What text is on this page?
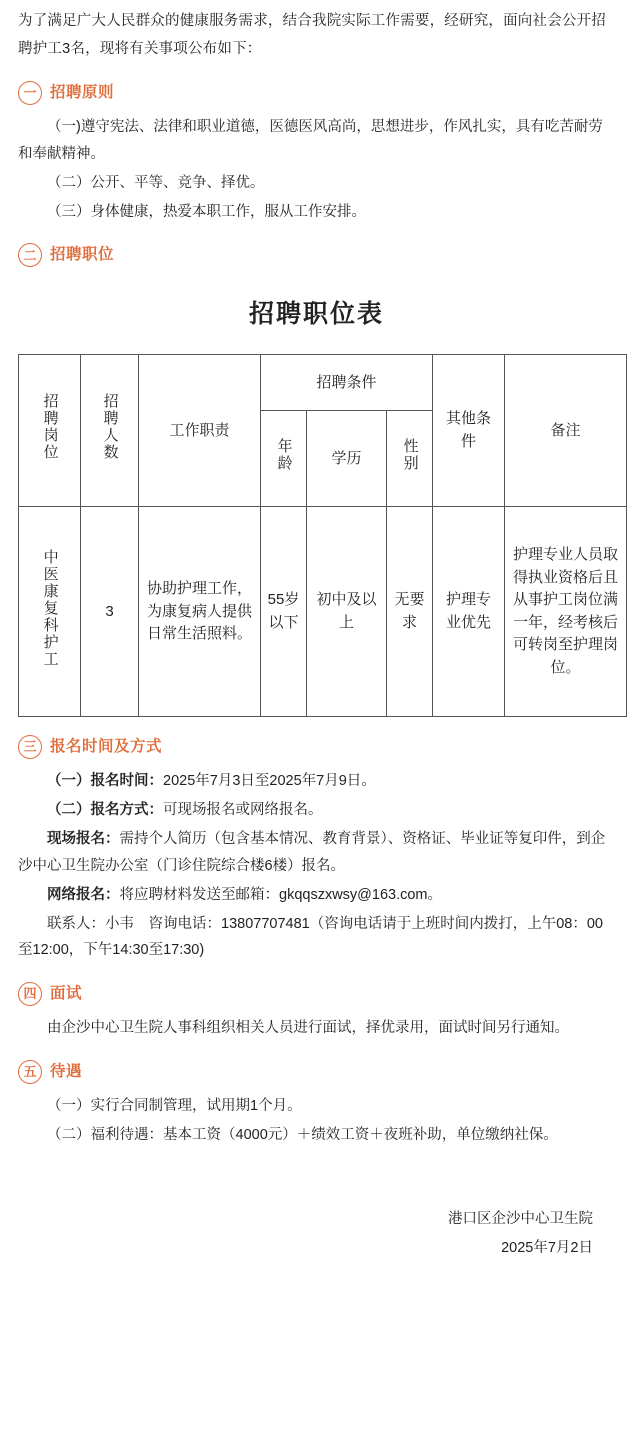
为了满足广大人民群众的健康服务需求，结合我院实际工作需要，经研究，面向社会公开招聘护工3名，现将有关事项公布如下：

一 招聘原则

（一)遵守宪法、法律和职业道德，医德医风高尚，思想进步，作风扎实，具有吃苦耐劳和奉献精神。

（二）公开、平等、竞争、择优。

（三）身体健康，热爱本职工作，服从工作安排。

二 招聘职位
招聘职位表
招聘岗位	招聘人数	工作职责	招聘条件			其他条件	备注

			年龄	学历	性别		
中医康复科护工	3	协助护理工作，为康复病人提供日常生活照料。	55岁以下	初中及以上	无要求	护理专业优先	护理专业人员取得执业资格后且从事护工岗位满一年，经考核后可转岗至护理岗位。
三 报名时间及方式

（一）报名时间：2025年7月3日至2025年7月9日。

（二）报名方式：可现场报名或网络报名。

现场报名：需持个人简历（包含基本情况、教育背景）、资格证、毕业证等复印件，到企沙中心卫生院办公室（门诊住院综合楼6楼）报名。

网络报名：将应聘材料发送至邮箱：gkqqszxwsy@163.com。

联系人：小韦　咨询电话：13807707481（咨询电话请于上班时间内拨打，上午08：00至12:00，下午14:30至17:30)

四 面试

由企沙中心卫生院人事科组织相关人员进行面试，择优录用，面试时间另行通知。

五 待遇

（一）实行合同制管理，试用期1个月。

（二）福利待遇：基本工资（4000元）＋绩效工资＋夜班补助，单位缴纳社保。

港口区企沙中心卫生院
2025年7月2日
